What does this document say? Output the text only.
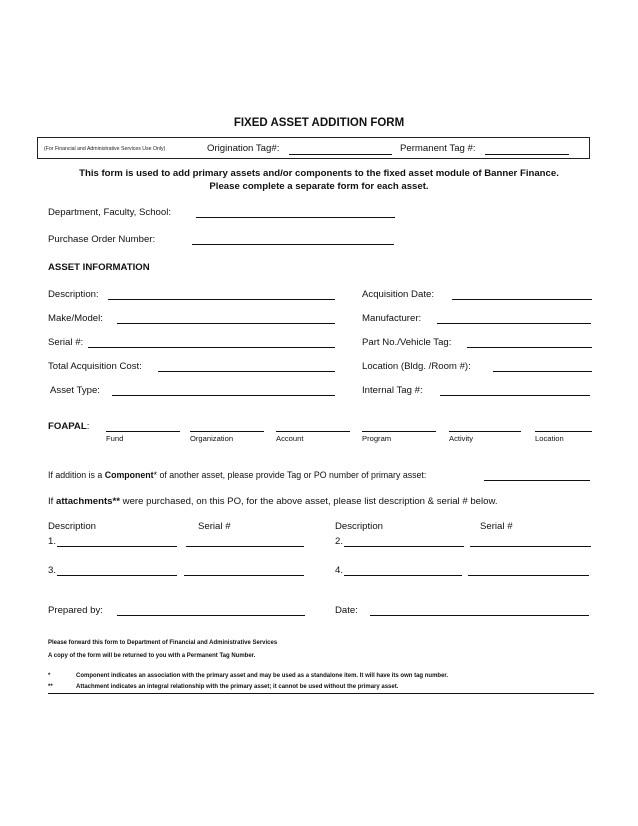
FIXED ASSET ADDITION FORM
(For Financial and Administrative Services Use Only)	Origination Tag#:	Permanent Tag #:
This form is used to add primary assets and/or components to the fixed asset module of Banner Finance.
Please complete a separate form for each asset.
Department, Faculty, School:
Purchase Order Number:
ASSET INFORMATION
Description:	Acquisition Date:
Make/Model:	Manufacturer:
Serial #:	Part No./Vehicle Tag:
Total Acquisition Cost:	Location (Bldg. /Room #):
Asset Type:	Internal Tag #:
FOAPAL:
Fund	Organization	Account	Program	Activity	Location
If addition is a Component* of another asset, please provide Tag or PO number of primary asset:
If attachments** were purchased, on this PO, for the above asset, please list description & serial # below.
Description	Serial #	Description	Serial #
1.	2.
3.	4.
Prepared by:	Date:
Please forward this form to Department of Financial and Administrative Services
A copy of the form will be returned to you with a Permanent Tag Number.
*	Component indicates an association with the primary asset and may be used as a standalone item. It will have its own tag number.
**	Attachment indicates an integral relationship with the primary asset; it cannot be used without the primary asset.
